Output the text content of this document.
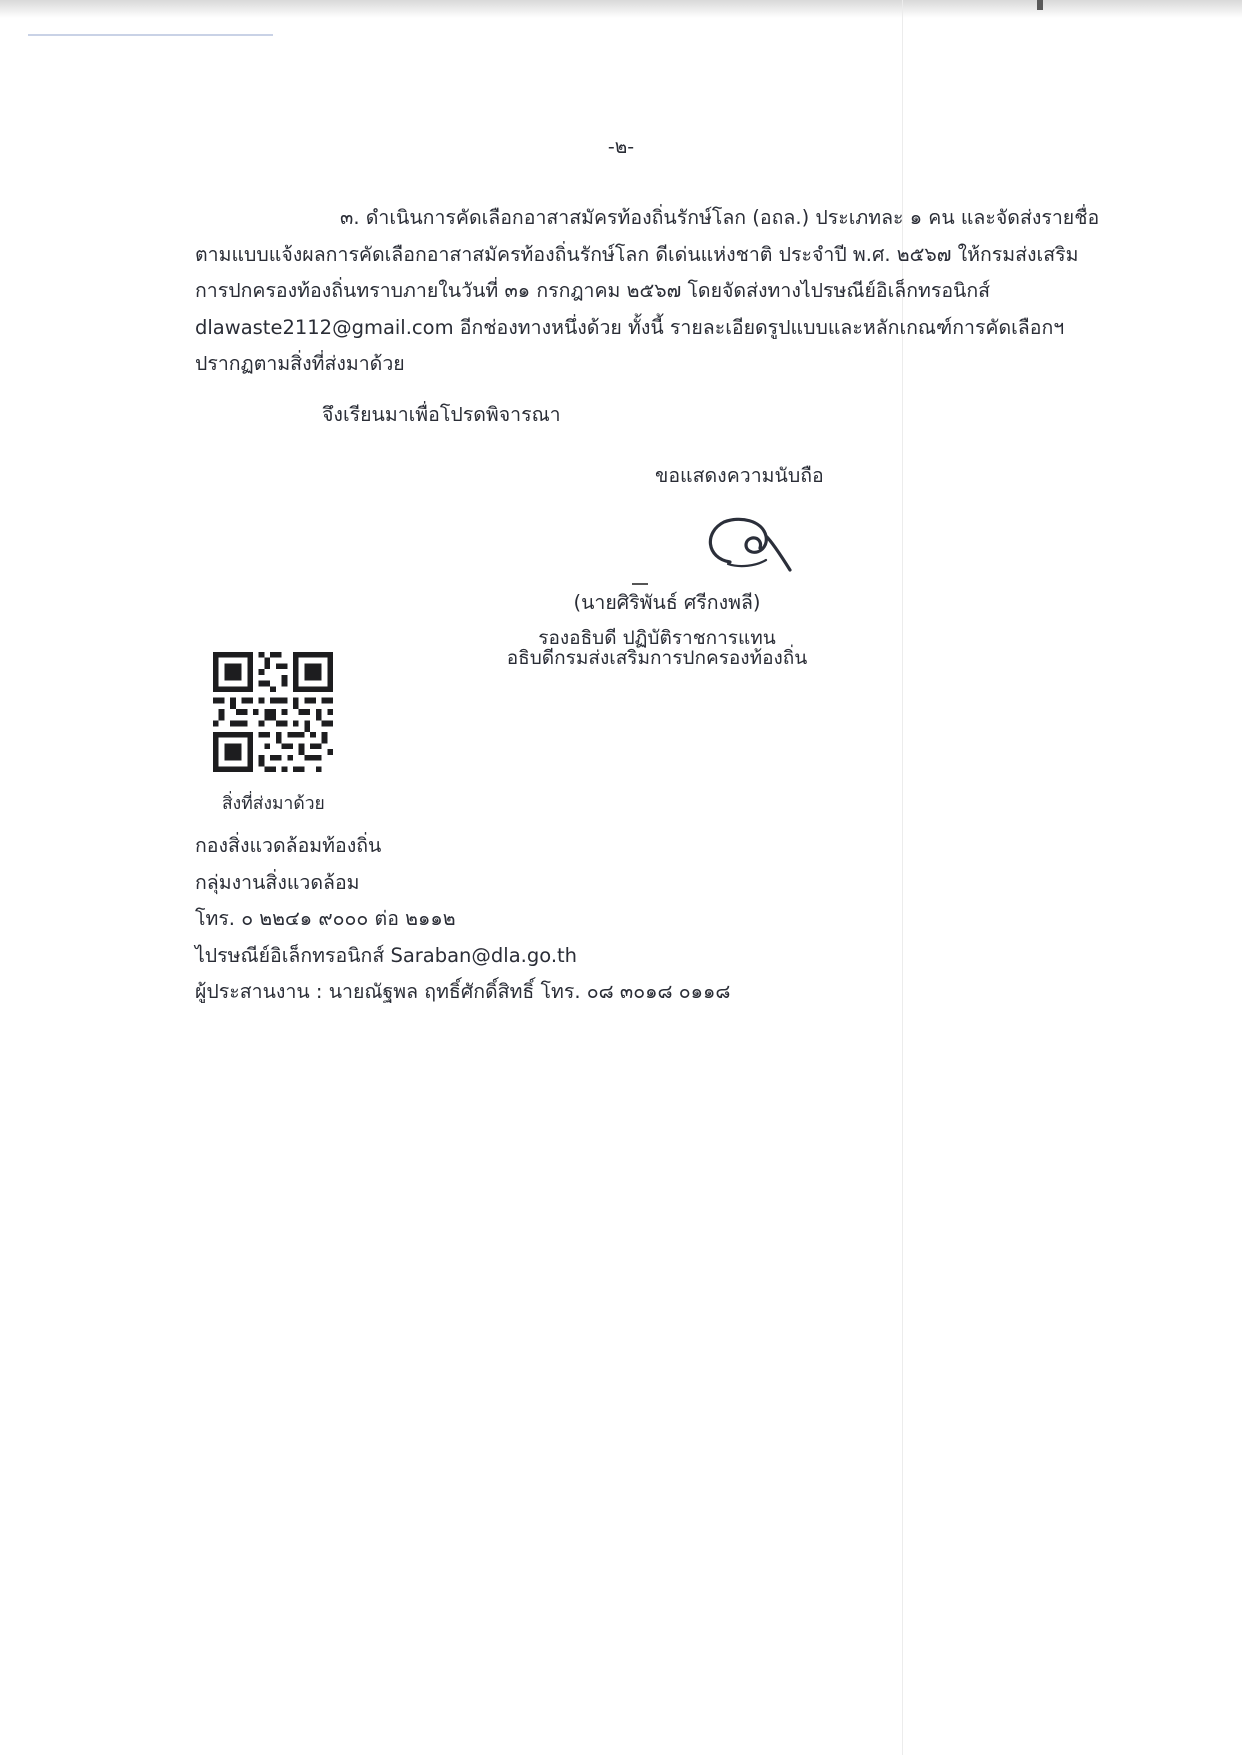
-๒-
๓. ดำเนินการคัดเลือกอาสาสมัครท้องถิ่นรักษ์โลก (อถล.) ประเภทละ ๑ คน และจัดส่งรายชื่อ
ตามแบบแจ้งผลการคัดเลือกอาสาสมัครท้องถิ่นรักษ์โลก ดีเด่นแห่งชาติ ประจำปี พ.ศ. ๒๕๖๗ ให้กรมส่งเสริม
การปกครองท้องถิ่นทราบภายในวันที่ ๓๑ กรกฎาคม ๒๕๖๗ โดยจัดส่งทางไปรษณีย์อิเล็กทรอนิกส์
dlawaste2112@gmail.com อีกช่องทางหนึ่งด้วย ทั้งนี้ รายละเอียดรูปแบบและหลักเกณฑ์การคัดเลือกฯ
ปรากฏตามสิ่งที่ส่งมาด้วย
จึงเรียนมาเพื่อโปรดพิจารณา
ขอแสดงความนับถือ
(นายศิริพันธ์ ศรีกงพลี)
รองอธิบดี ปฏิบัติราชการแทน
อธิบดีกรมส่งเสริมการปกครองท้องถิ่น
สิ่งที่ส่งมาด้วย
กองสิ่งแวดล้อมท้องถิ่น
กลุ่มงานสิ่งแวดล้อม
โทร. ๐ ๒๒๔๑ ๙๐๐๐ ต่อ ๒๑๑๒
ไปรษณีย์อิเล็กทรอนิกส์ Saraban@dla.go.th
ผู้ประสานงาน : นายณัฐพล ฤทธิ์ศักดิ์สิทธิ์ โทร. ๐๘ ๓๐๑๘ ๐๑๑๘
